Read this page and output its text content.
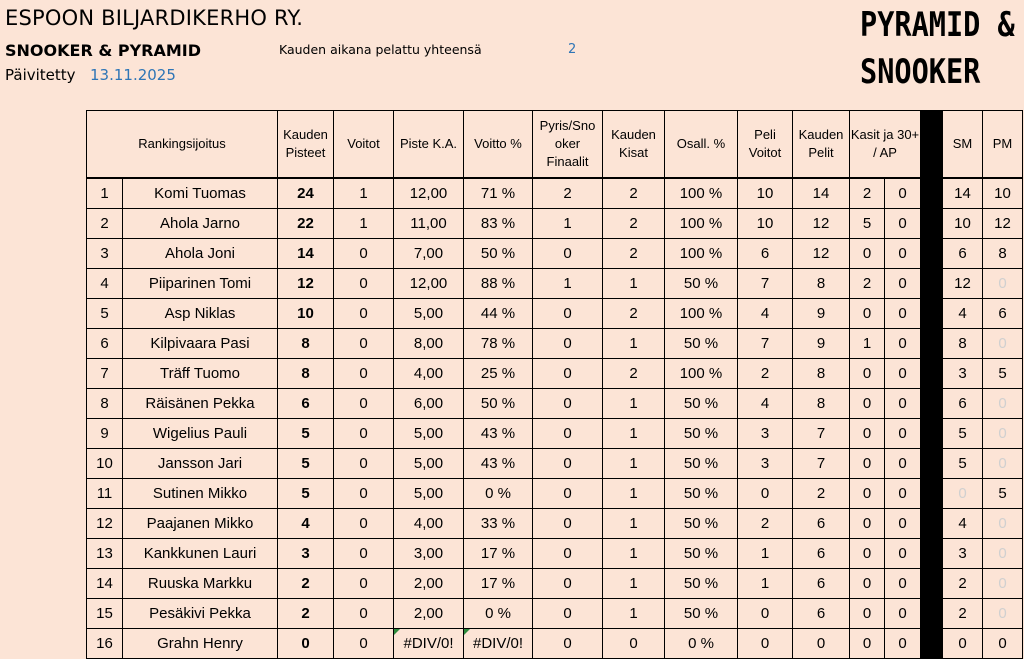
ESPOON BILJARDIKERHO RY.
SNOOKER & PYRAMID
Päivitetty 13.11.2025
Kauden aikana pelattu yhteensä	2
PYRAMID &
SNOOKER
Rankingsijoitus		Kauden Pisteet	Voitot	Piste K.A.	Voitto %	Pyris/Sno oker Finaalit	Kauden Kisat	Osall. %	Peli Voitot	Kauden Pelit	Kasit ja 30+ / AP			SM	PM
1	Komi Tuomas	24	1	12,00	71 %	2	2	100 %	10	14	2	0		14	10
2	Ahola Jarno	22	1	11,00	83 %	1	2	100 %	10	12	5	0		10	12
3	Ahola Joni	14	0	7,00	50 %	0	2	100 %	6	12	0	0		6	8
4	Piiparinen Tomi	12	0	12,00	88 %	1	1	50 %	7	8	2	0		12	0
5	Asp Niklas	10	0	5,00	44 %	0	2	100 %	4	9	0	0		4	6
6	Kilpivaara Pasi	8	0	8,00	78 %	0	1	50 %	7	9	1	0		8	0
7	Träff Tuomo	8	0	4,00	25 %	0	2	100 %	2	8	0	0		3	5
8	Räisänen Pekka	6	0	6,00	50 %	0	1	50 %	4	8	0	0		6	0
9	Wigelius Pauli	5	0	5,00	43 %	0	1	50 %	3	7	0	0		5	0
10	Jansson Jari	5	0	5,00	43 %	0	1	50 %	3	7	0	0		5	0
11	Sutinen Mikko	5	0	5,00	0 %	0	1	50 %	0	2	0	0		0	5
12	Paajanen Mikko	4	0	4,00	33 %	0	1	50 %	2	6	0	0		4	0
13	Kankkunen Lauri	3	0	3,00	17 %	0	1	50 %	1	6	0	0		3	0
14	Ruuska Markku	2	0	2,00	17 %	0	1	50 %	1	6	0	0		2	0
15	Pesäkivi Pekka	2	0	2,00	0 %	0	1	50 %	0	6	0	0		2	0
16	Grahn Henry	0	0	#DIV/0!	#DIV/0!	0	0	0 %	0	0	0	0		0	0
